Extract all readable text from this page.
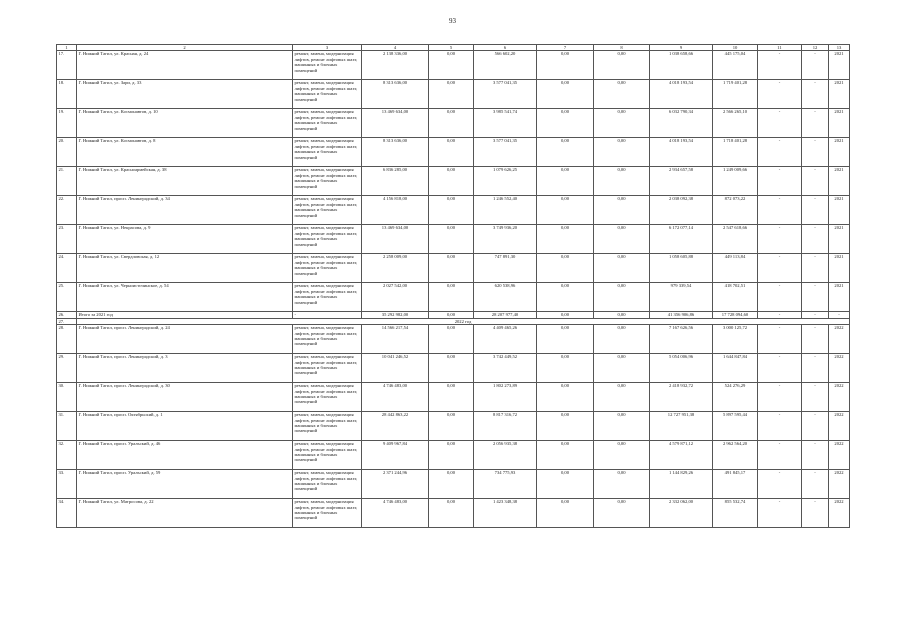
93
1	2	3	4	5	6	7	8	9	10	11	12	13
17.	Г. Нижний Тагил, ул. Красная, д. 24	ремонт, замена, модернизация лифтов, ремонт лифтовых шахт, машинных и блочных помещений	2 138 336,00	0,00	566 602,20	0,00	0,00	1 038 658,66	445 175,04	-	-	2021
18.	Г. Нижний Тагил, ул. Зари, д. 33	ремонт, замена, модернизация лифтов, ремонт лифтовых шахт, машинных и блочных помещений	8 313 636,00	0,00	3 577 041,35	0,00	0,00	4 018 193,54	1 719 401,28	-	-	2021
19.	Г. Нижний Тагил, ул. Космонавтов, д. 10	ремонт, замена, модернизация лифтов, ремонт лифтовых шахт, машинных и блочных помещений	13 469 634,00	0,00	3 985 541,74	0,00	0,00	6 032 790,34	2 566 265,10	-	-	2021
20.	Г. Нижний Тагил, ул. Космонавтов, д. 8	ремонт, замена, модернизация лифтов, ремонт лифтовых шахт, машинных и блочных помещений	8 313 636,00	0,00	3 577 041,35	0,00	0,00	4 018 193,54	1 718 401,28	-	-	2021
21.	Г. Нижний Тагил, ул. Красноармейская, д. 38	ремонт, замена, модернизация лифтов, ремонт лифтовых шахт, машинных и блочных помещений	6 836 285,00	0,00	1 079 626,25	0,00	0,00	2 934 657,58	1 249 009,66	-	-	2021
22.	Г. Нижний Тагил, просп. Ленинградский, д. 34	ремонт, замена, модернизация лифтов, ремонт лифтовых шахт, машинных и блочных помещений	4 156 818,00	0,00	1 246 552,40	0,00	0,00	2 038 092,38	872 073,22	-	-	2021
23.	Г. Нижний Тагил, ул. Некрасова, д. 9	ремонт, замена, модернизация лифтов, ремонт лифтовых шахт, машинных и блочных помещений	13 469 634,00	0,00	3 749 936,20	0,00	0,00	6 172 077,14	2 547 618,66	-	-	2021
24.	Г. Нижний Тагил, ул. Свердловская, д. 12	ремонт, замена, модернизация лифтов, ремонт лифтовых шахт, машинных и блочных помещений	2 258 009,00	0,00	747 891,30	0,00	0,00	1 058 605,88	449 113,84	-	-	2021
25.	Г. Нижний Тагил, ул. Черноисточинское, д. 54	ремонт, замена, модернизация лифтов, ремонт лифтовых шахт, машинных и блочных помещений	2 027 542,00	0,00	620 538,96	0,00	0,00	979 339,54	418 702,51	-	-	2021
26.	Итого за 2021 год	-	35 292 982,00	0,00	28 207 977,40	0,00	0,00	41 356 906,86	17 728 094,60	-	-	-
27.	2022 год											
28.	Г. Нижний Тагил, просп. Ленинградский, д. 24	ремонт, замена, модернизация лифтов, ремонт лифтовых шахт, машинных и блочных помещений	14 566 217,54	0,00	4 409 465,26	0,00	0,00	7 167 626,56	3 000 125,72	-	-	2022
29.	Г. Нижний Тагил, просп. Ленинградский, д. 3	ремонт, замена, модернизация лифтов, ремонт лифтовых шахт, машинных и блочных помещений	10 041 246,52	0,00	3 742 449,52	0,00	0,00	5 054 006,96	1 644 847,84	-	-	2022
30.	Г. Нижний Тагил, просп. Ленинградский, д. 30	ремонт, замена, модернизация лифтов, ремонт лифтовых шахт, машинных и блочных помещений	4 746 483,00	0,00	1 802 273,89	0,00	0,00	2 418 932,72	524 276,29	-	-	2022
31.	Г. Нижний Тагил, просп. Октябрьский, д. 1	ремонт, замена, модернизация лифтов, ремонт лифтовых шахт, машинных и блочных помещений	28 442 863,22	0,00	8 817 316,72	0,00	0,00	12 727 951,38	5 897 595,44	-	-	2022
32.	Г. Нижний Тагил, просп. Уральский, д. 46	ремонт, замена, модернизация лифтов, ремонт лифтовых шахт, машинных и блочных помещений	9 409 967,84	0,00	2 056 935,38	0,00	0,00	4 579 871,12	2 962 564,20	-	-	2022
33.	Г. Нижний Тагил, просп. Уральский, д. 59	ремонт, замена, модернизация лифтов, ремонт лифтовых шахт, машинных и блочных помещений	2 371 244,96	0,00	734 775,93	0,00	0,00	1 144 829,26	491 845,17	-	-	2022
34.	Г. Нижний Тагил, ул. Матросова, д. 22	ремонт, замена, модернизация лифтов, ремонт лифтовых шахт, машинных и блочных помещений	4 746 483,00	0,00	1 423 348,38	0,00	0,00	2 332 062,00	855 532,74	-	-	2022
